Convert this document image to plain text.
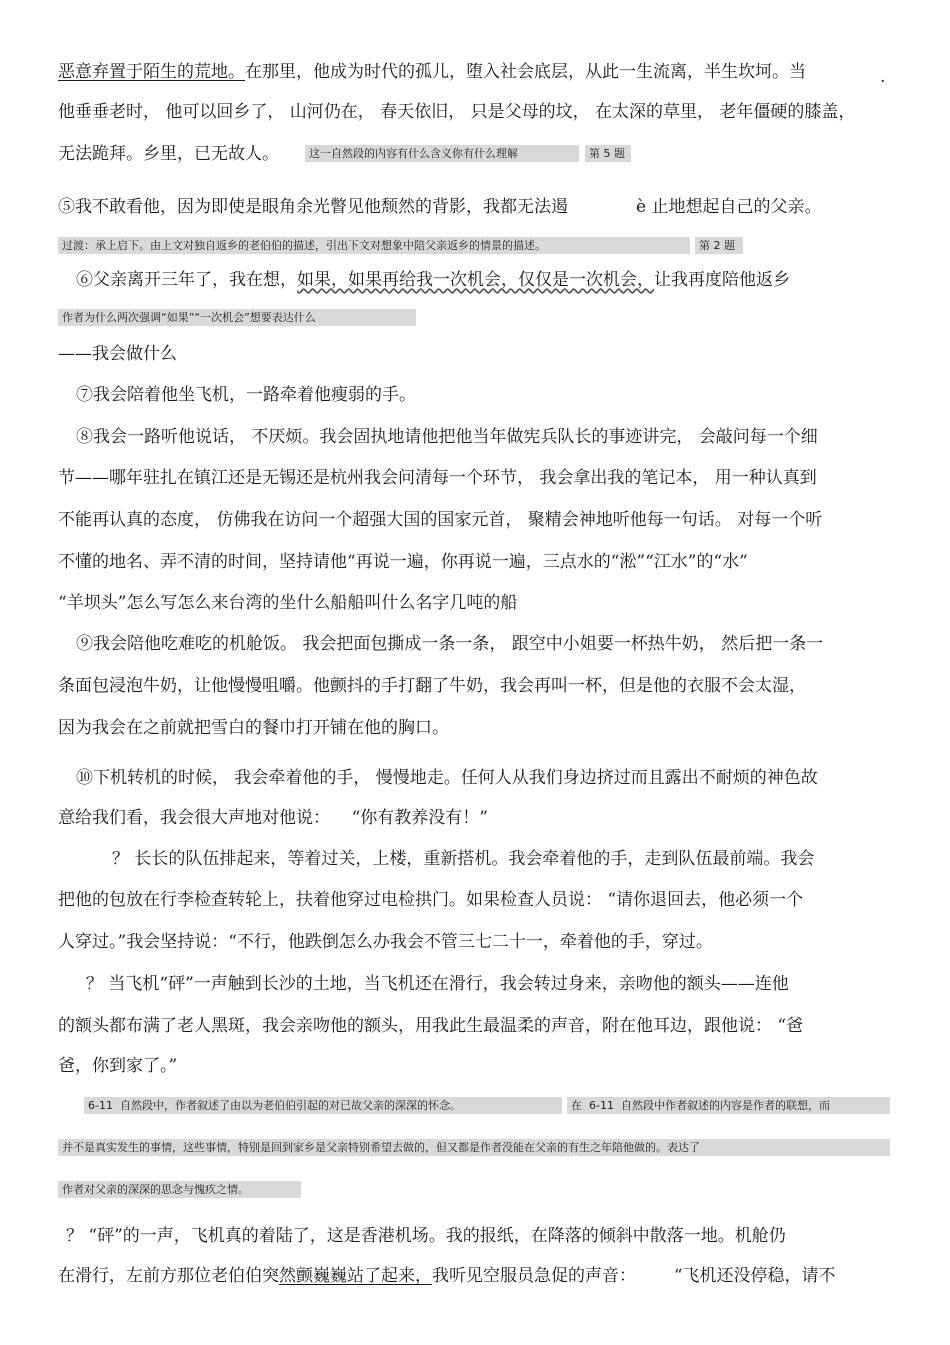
恶意弃置于陌生的荒地。在那里，他成为时代的孤儿，堕入社会底层，从此一生流离，半生坎坷。当	.
他垂垂老时， 他可以回乡了， 山河仍在， 春天依旧， 只是父母的坟， 在太深的草里， 老年僵硬的膝盖，
无法跪拜。乡里，已无故人。	这一自然段的内容有什么含义你有什么理解	第 5 题
⑤我不敢看他，因为即使是眼角余光瞥见他颓然的背影，我都无法遏	è 止地想起自己的父亲。
过渡：承上启下。由上文对独自返乡的老伯伯的描述，引出下文对想象中陪父亲返乡的情景的描述。	第 2 题
⑥父亲离开三年了，我在想，如果，如果再给我一次机会，仅仅是一次机会，让我再度陪他返乡
作者为什么两次强调“如果”“一次机会”想要表达什么
——我会做什么
⑦我会陪着他坐飞机，一路牵着他瘦弱的手。
⑧我会一路听他说话， 不厌烦。我会固执地请他把他当年做宪兵队长的事迹讲完， 会敲问每一个细
节——哪年驻扎在镇江还是无锡还是杭州我会问清每一个环节， 我会拿出我的笔记本， 用一种认真到
不能再认真的态度， 仿佛我在访问一个超强大国的国家元首， 聚精会神地听他每一句话。 对每一个听
不懂的地名、弄不清的时间，坚持请他“再说一遍，你再说一遍，三点水的“淞”“江水”的“水”
“羊坝头”怎么写怎么来台湾的坐什么船船叫什么名字几吨的船
⑨我会陪他吃难吃的机舱饭。 我会把面包撕成一条一条， 跟空中小姐要一杯热牛奶， 然后把一条一
条面包浸泡牛奶，让他慢慢咀嚼。他颤抖的手打翻了牛奶，我会再叫一杯，但是他的衣服不会太湿，
因为我会在之前就把雪白的餐巾打开铺在他的胸口。
⑩下机转机的时候， 我会牵着他的手， 慢慢地走。任何人从我们身边挤过而且露出不耐烦的神色故
意给我们看，我会很大声地对他说：    “你有教养没有！”
？ 长长的队伍排起来，等着过关，上楼，重新搭机。我会牵着他的手，走到队伍最前端。我会
把他的包放在行李检查转轮上，扶着他穿过电检拱门。如果检查人员说： “请你退回去，他必须一个
人穿过。”我会坚持说：“不行，他跌倒怎么办我会不管三七二十一，牵着他的手，穿过。
？ 当飞机“砰”一声触到长沙的土地，当飞机还在滑行，我会转过身来，亲吻他的额头——连他
的额头都布满了老人黑斑，我会亲吻他的额头，用我此生最温柔的声音，附在他耳边，跟他说： “爸
爸，你到家了。”
6-11  自然段中，作者叙述了由以为老伯伯引起的对已故父亲的深深的怀念。	在  6-11  自然段中作者叙述的内容是作者的联想，而
并不是真实发生的事情，这些事情，特别是回到家乡是父亲特别希望去做的，但又都是作者没能在父亲的有生之年陪他做的。表达了
作者对父亲的深深的思念与愧疚之情。
？ “砰”的一声，飞机真的着陆了，这是香港机场。我的报纸，在降落的倾斜中散落一地。机舱仍
在滑行，左前方那位老伯伯突然颤巍巍站了起来，我听见空服员急促的声音：       “飞机还没停稳，请不
